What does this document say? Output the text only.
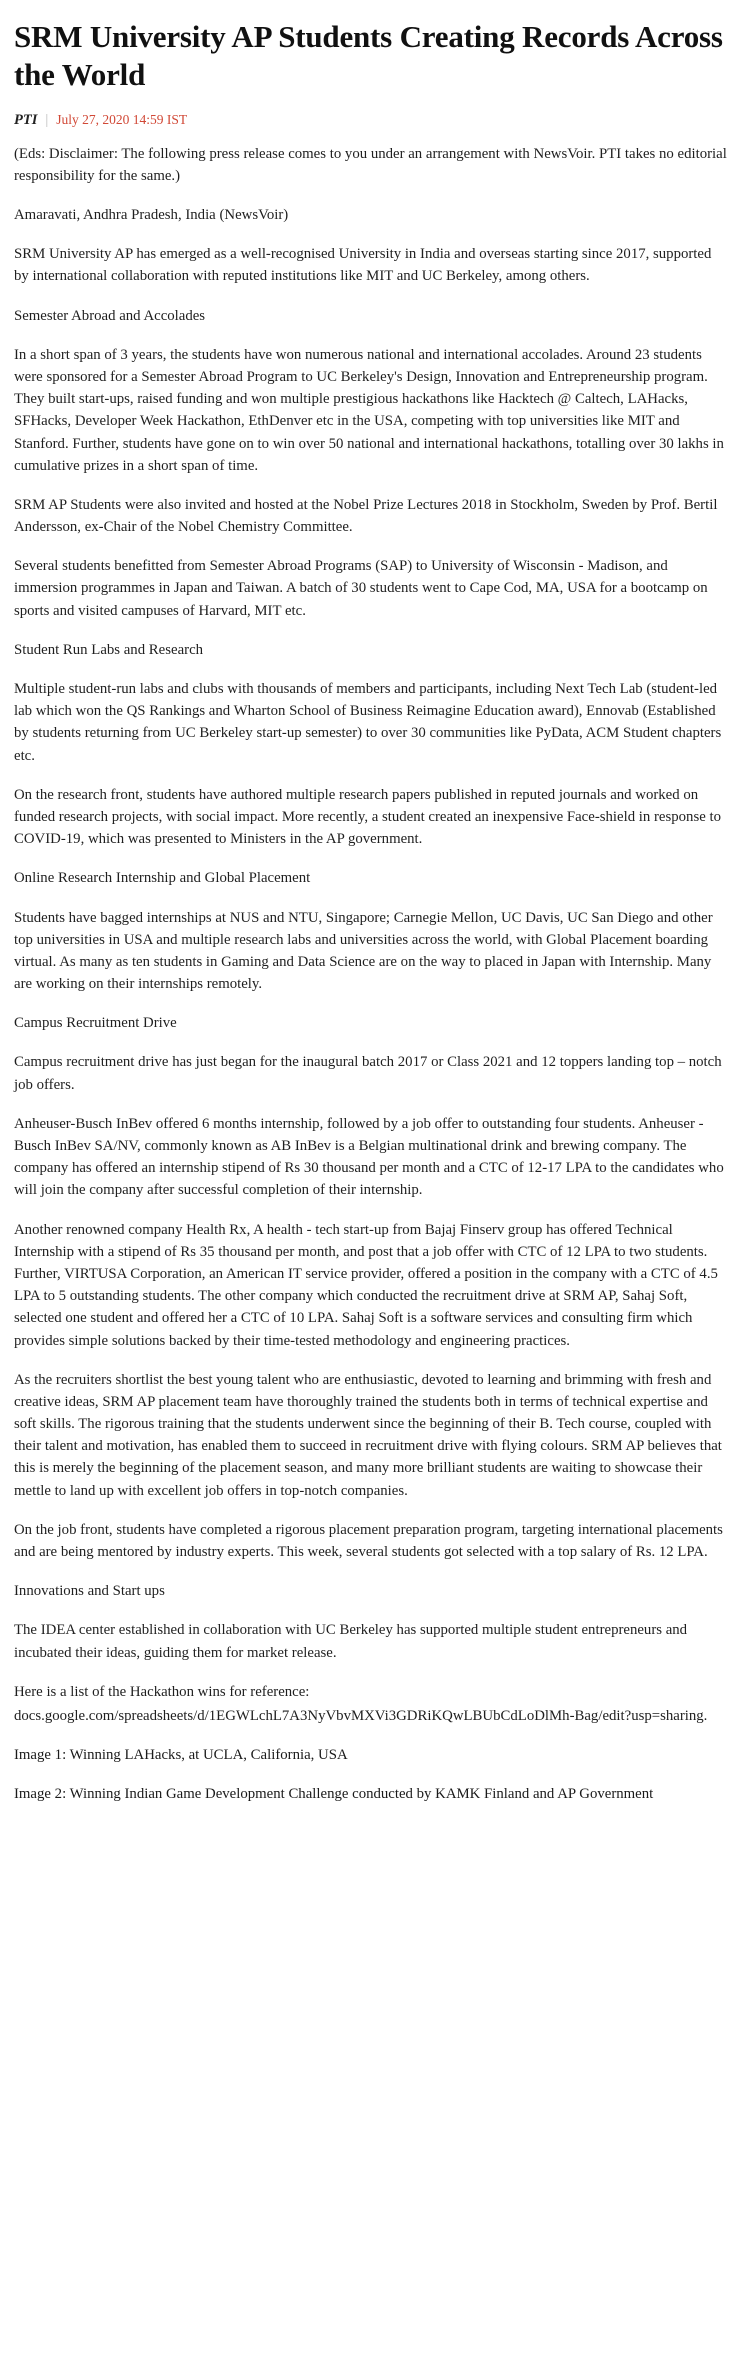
SRM University AP Students Creating Records Across the World
PTI | July 27, 2020 14:59 IST

(Eds: Disclaimer: The following press release comes to you under an arrangement with NewsVoir. PTI takes no editorial responsibility for the same.)

Amaravati, Andhra Pradesh, India (NewsVoir)

SRM University AP has emerged as a well-recognised University in India and overseas starting since 2017, supported by international collaboration with reputed institutions like MIT and UC Berkeley, among others.

Semester Abroad and Accolades

In a short span of 3 years, the students have won numerous national and international accolades. Around 23 students were sponsored for a Semester Abroad Program to UC Berkeley's Design, Innovation and Entrepreneurship program. They built start-ups, raised funding and won multiple prestigious hackathons like Hacktech @ Caltech, LAHacks, SFHacks, Developer Week Hackathon, EthDenver etc in the USA, competing with top universities like MIT and Stanford. Further, students have gone on to win over 50 national and international hackathons, totalling over 30 lakhs in cumulative prizes in a short span of time.

SRM AP Students were also invited and hosted at the Nobel Prize Lectures 2018 in Stockholm, Sweden by Prof. Bertil Andersson, ex-Chair of the Nobel Chemistry Committee.

Several students benefitted from Semester Abroad Programs (SAP) to University of Wisconsin - Madison, and immersion programmes in Japan and Taiwan. A batch of 30 students went to Cape Cod, MA, USA for a bootcamp on sports and visited campuses of Harvard, MIT etc.

Student Run Labs and Research

Multiple student-run labs and clubs with thousands of members and participants, including Next Tech Lab (student-led lab which won the QS Rankings and Wharton School of Business Reimagine Education award), Ennovab (Established by students returning from UC Berkeley start-up semester) to over 30 communities like PyData, ACM Student chapters etc.

On the research front, students have authored multiple research papers published in reputed journals and worked on funded research projects, with social impact. More recently, a student created an inexpensive Face-shield in response to COVID-19, which was presented to Ministers in the AP government.

Online Research Internship and Global Placement

Students have bagged internships at NUS and NTU, Singapore; Carnegie Mellon, UC Davis, UC San Diego and other top universities in USA and multiple research labs and universities across the world, with Global Placement boarding virtual. As many as ten students in Gaming and Data Science are on the way to placed in Japan with Internship. Many are working on their internships remotely.

Campus Recruitment Drive

Campus recruitment drive has just began for the inaugural batch 2017 or Class 2021 and 12 toppers landing top – notch job offers.

Anheuser-Busch InBev offered 6 months internship, followed by a job offer to outstanding four students. Anheuser -Busch InBev SA/NV, commonly known as AB InBev is a Belgian multinational drink and brewing company. The company has offered an internship stipend of Rs 30 thousand per month and a CTC of 12-17 LPA to the candidates who will join the company after successful completion of their internship.

Another renowned company Health Rx, A health - tech start-up from Bajaj Finserv group has offered Technical Internship with a stipend of Rs 35 thousand per month, and post that a job offer with CTC of 12 LPA to two students. Further, VIRTUSA Corporation, an American IT service provider, offered a position in the company with a CTC of 4.5 LPA to 5 outstanding students. The other company which conducted the recruitment drive at SRM AP, Sahaj Soft, selected one student and offered her a CTC of 10 LPA. Sahaj Soft is a software services and consulting firm which provides simple solutions backed by their time-tested methodology and engineering practices.

As the recruiters shortlist the best young talent who are enthusiastic, devoted to learning and brimming with fresh and creative ideas, SRM AP placement team have thoroughly trained the students both in terms of technical expertise and soft skills. The rigorous training that the students underwent since the beginning of their B. Tech course, coupled with their talent and motivation, has enabled them to succeed in recruitment drive with flying colours. SRM AP believes that this is merely the beginning of the placement season, and many more brilliant students are waiting to showcase their mettle to land up with excellent job offers in top-notch companies.

On the job front, students have completed a rigorous placement preparation program, targeting international placements and are being mentored by industry experts. This week, several students got selected with a top salary of Rs. 12 LPA.

Innovations and Start ups

The IDEA center established in collaboration with UC Berkeley has supported multiple student entrepreneurs and incubated their ideas, guiding them for market release.

Here is a list of the Hackathon wins for reference:

docs.google.com/spreadsheets/d/1EGWLchL7A3NyVbvMXVi3GDRiKQwLBUbCdLoDlMh-Bag/edit?usp=sharing.

Image 1: Winning LAHacks, at UCLA, California, USA

Image 2: Winning Indian Game Development Challenge conducted by KAMK Finland and AP Government
